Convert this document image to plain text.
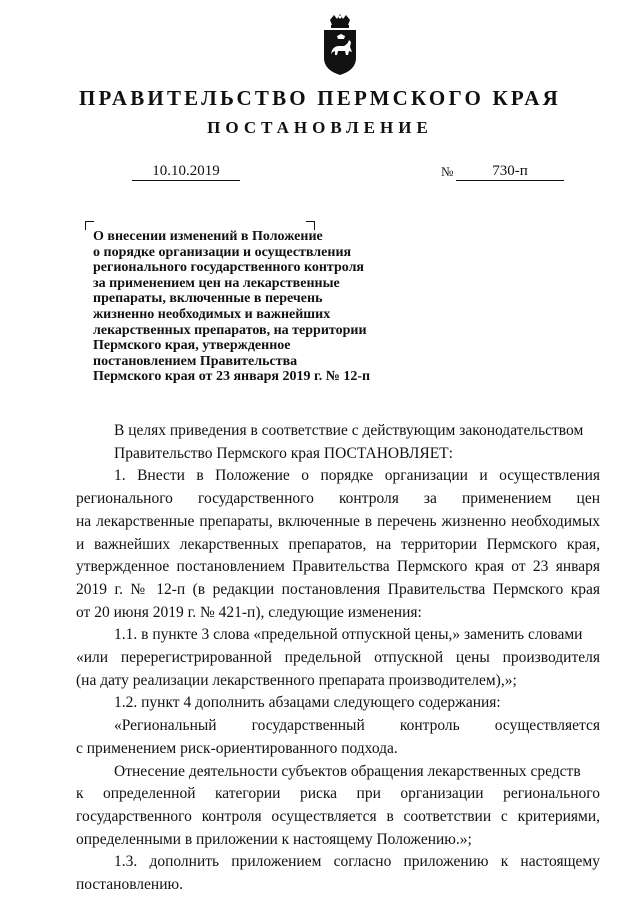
ПРАВИТЕЛЬСТВО ПЕРМСКОГО КРАЯ
ПОСТАНОВЛЕНИЕ
10.10.2019	№	730-п
О внесении изменений в Положение
о порядке организации и осуществления
регионального государственного контроля
за применением цен на лекарственные
препараты, включенные в перечень
жизненно необходимых и важнейших
лекарственных препаратов, на территории
Пермского края, утвержденное
постановлением Правительства
Пермского края от 23 января 2019 г. № 12-п
В целях приведения в соответствие с действующим законодательством
Правительство Пермского края ПОСТАНОВЛЯЕТ:
1. Внести в Положение о порядке организации и осуществления
регионального государственного контроля за применением цен
на лекарственные препараты, включенные в перечень жизненно необходимых
и важнейших лекарственных препаратов, на территории Пермского края,
утвержденное постановлением Правительства Пермского края от 23 января
2019 г. № 12-п (в редакции постановления Правительства Пермского края
от 20 июня 2019 г. № 421-п), следующие изменения:
1.1. в пункте 3 слова «предельной отпускной цены,» заменить словами
«или перерегистрированной предельной отпускной цены производителя
(на дату реализации лекарственного препарата производителем),»;
1.2. пункт 4 дополнить абзацами следующего содержания:
«Региональный государственный контроль осуществляется
с применением риск-ориентированного подхода.
Отнесение деятельности субъектов обращения лекарственных средств
к определенной категории риска при организации регионального
государственного контроля осуществляется в соответствии с критериями,
определенными в приложении к настоящему Положению.»;
1.3. дополнить приложением согласно приложению к настоящему
постановлению.
